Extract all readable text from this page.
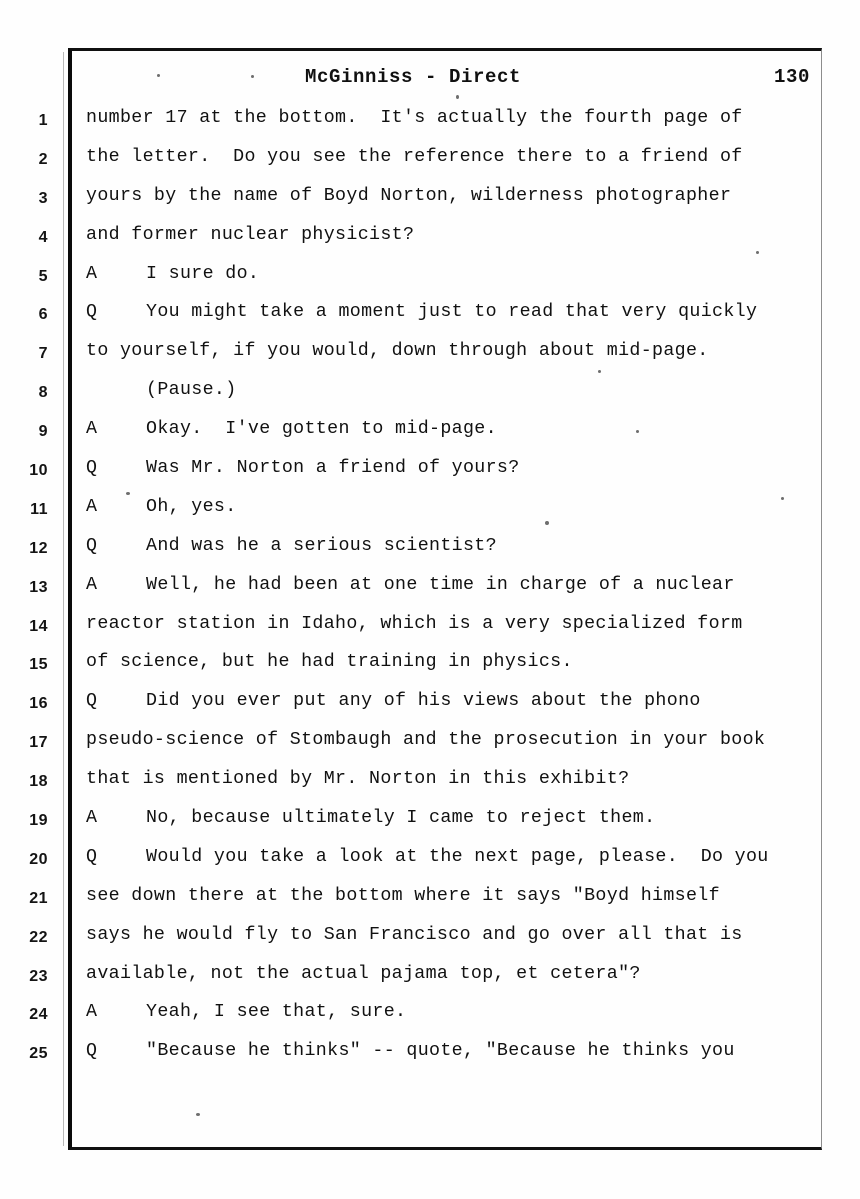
McGinniss - Direct	130
1 number 17 at the bottom.  It's actually the fourth page of
2 the letter.  Do you see the reference there to a friend of
3 yours by the name of Boyd Norton, wilderness photographer
4 and former nuclear physicist?
5 A	I sure do.
6 Q	You might take a moment just to read that very quickly
7 to yourself, if you would, down through about mid-page.
8	(Pause.)
9 A	Okay.  I've gotten to mid-page.
10 Q	Was Mr. Norton a friend of yours?
11 A	Oh, yes.
12 Q	And was he a serious scientist?
13 A	Well, he had been at one time in charge of a nuclear
14 reactor station in Idaho, which is a very specialized form
15 of science, but he had training in physics.
16 Q	Did you ever put any of his views about the phono
17 pseudo-science of Stombaugh and the prosecution in your book
18 that is mentioned by Mr. Norton in this exhibit?
19 A	No, because ultimately I came to reject them.
20 Q	Would you take a look at the next page, please.  Do you
21 see down there at the bottom where it says "Boyd himself
22 says he would fly to San Francisco and go over all that is
23 available, not the actual pajama top, et cetera"?
24 A	Yeah, I see that, sure.
25 Q	"Because he thinks" -- quote, "Because he thinks you
